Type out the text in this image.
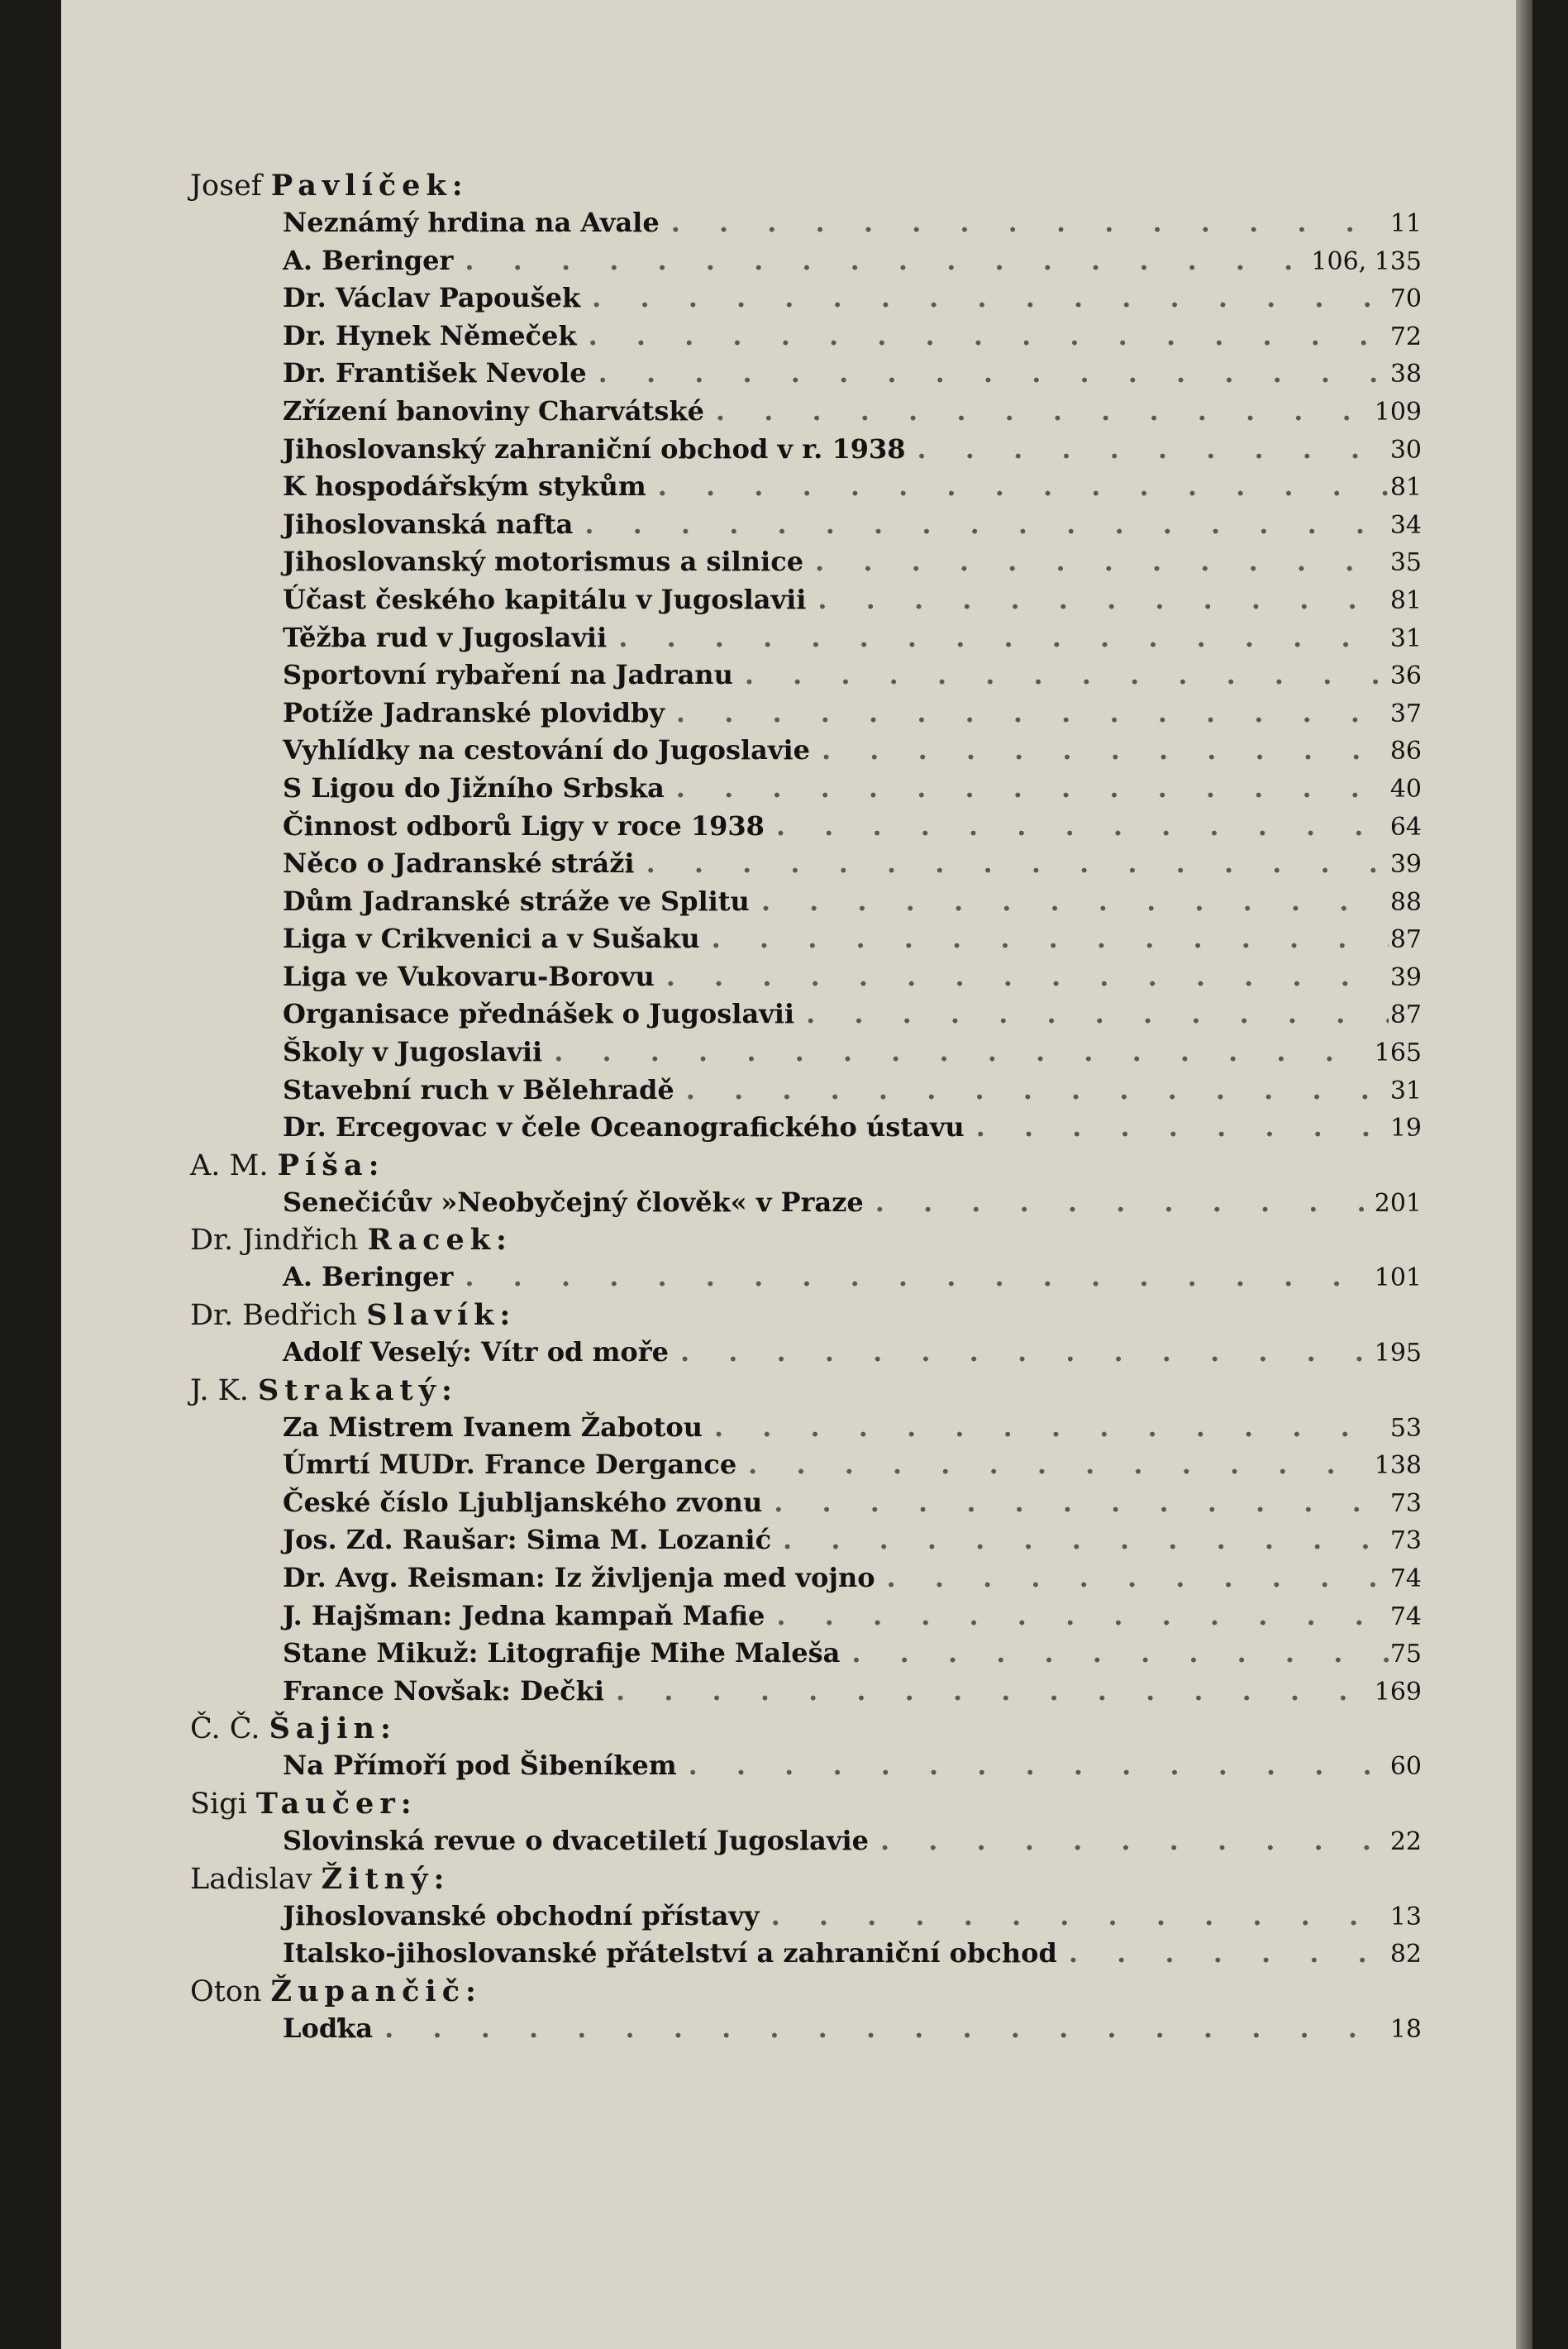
Josef Pavlíček:
Neznámý hrdina na Avale . . .	11
A. Beringer . . .	106, 135
Dr. Václav Papoušek . . .	70
Dr. Hynek Němeček . . .	72
Dr. František Nevole . . .	38
Zřízení banoviny Charvátské . . .	109
Jihoslovanský zahraniční obchod v r. 1938 . . .	30
K hospodářským stykům . . .	81
Jihoslovanská nafta . . .	34
Jihoslovanský motorismus a silnice . . .	35
Účast českého kapitálu v Jugoslavii . . .	81
Těžba rud v Jugoslavii . . .	31
Sportovní rybaření na Jadranu . . .	36
Potíže Jadranské plovidby . . .	37
Vyhlídky na cestování do Jugoslavie . . .	86
S Ligou do Jižního Srbska . . .	40
Činnost odborů Ligy v roce 1938 . . .	64
Něco o Jadranské stráži . . .	39
Dům Jadranské stráže ve Splitu . . .	88
Liga v Crikvenici a v Sušaku . . .	87
Liga ve Vukovaru-Borovu . . .	39
Organisace přednášek o Jugoslavii . . .	87
Školy v Jugoslavii . . .	165
Stavební ruch v Bělehradě . . .	31
Dr. Ercegovac v čele Oceanografického ústavu . . .	19
A. M. Píša:
Senečićův »Neobyčejný člověk« v Praze . . .	201
Dr. Jindřich Racek:
A. Beringer . . .	101
Dr. Bedřich Slavík:
Adolf Veselý: Vítr od moře . . .	195
J. K. Strakatý:
Za Mistrem Ivanem Žabotou . . .	53
Úmrtí MUDr. France Dergance . . .	138
České číslo Ljubljanského zvonu . . .	73
Jos. Zd. Raušar: Sima M. Lozanić . . .	73
Dr. Avg. Reisman: Iz življenja med vojno . . .	74
J. Hajšman: Jedna kampaň Mafie . . .	74
Stane Mikuž: Litografije Mihe Maleša . . .	75
France Novšak: Dečki . . .	169
Č. Č. Šajin:
Na Přímoří pod Šibeníkem . . .	60
Sigi Taučer:
Slovinská revue o dvacetiletí Jugoslavie . . .	22
Ladislav Žitný:
Jihoslovanské obchodní přístavy . . .	13
Italsko-jihoslovanské přátelství a zahraniční obchod . . .	82
Oton Župančič:
Loďka . . .	18
